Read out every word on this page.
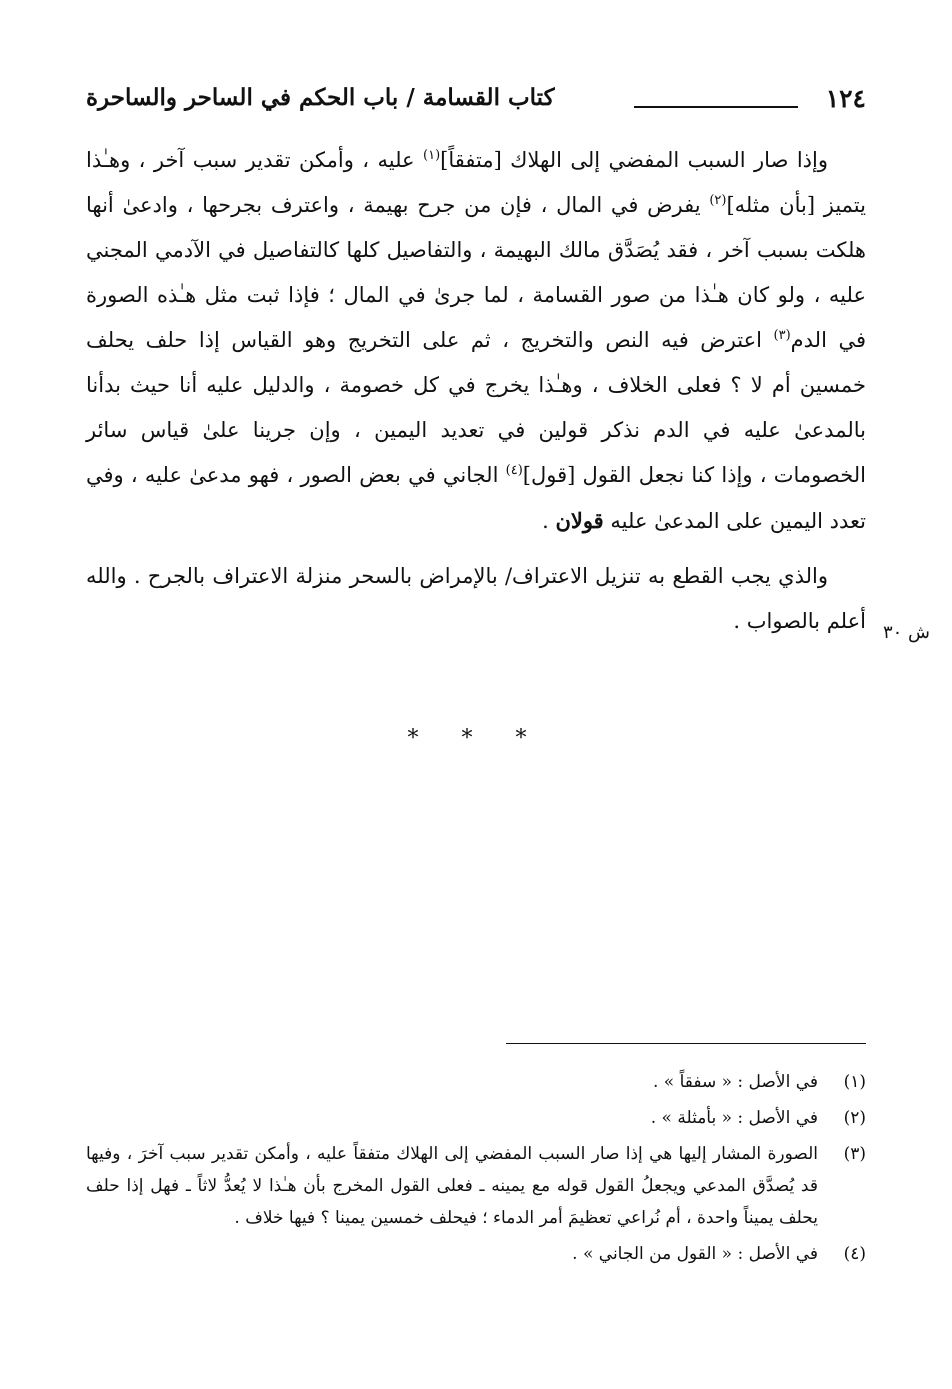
١٢٤
كتاب القسامة / باب الحكم في الساحر والساحرة

وإذا صار السبب المفضي إلى الهلاك [متفقاً]$^{(١)}$ عليه ، وأمكن تقدير سبب آخر ، وهـٰذا يتميز [بأن مثله]$^{(٢)}$ يفرض في المال ، فإن من جرح بهيمة ، واعترف بجرحها ، وادعىٰ أنها هلكت بسبب آخر ، فقد يُصَدَّق مالك البهيمة ، والتفاصيل كلها كالتفاصيل في الآدمي المجني عليه ، ولو كان هـٰذا من صور القسامة ، لما جرىٰ في المال ؛ فإذا ثبت مثل هـٰذه الصورة في الدم$^{(٣)}$ اعترض فيه النص والتخريج ، ثم على التخريج وهو القياس إذا حلف يحلف خمسين أم لا ؟ فعلى الخلاف ، وهـٰذا يخرج في كل خصومة ، والدليل عليه أنا حيث بدأنا بالمدعىٰ عليه في الدم نذكر قولين في تعديد اليمين ، وإن جرينا علىٰ قياس سائر الخصومات ، وإذا كنا نجعل القول [قول]$^{(٤)}$ الجاني في بعض الصور ، فهو مدعىٰ عليه ، وفي تعدد اليمين على المدعىٰ عليه قولان .

والذي يجب القطع به تنزيل الاعتراف/ بالإمراض بالسحر منزلة الاعتراف بالجرح . والله أعلم بالصواب . ش ٣٠
* * *
(١)
في الأصل : « سفقاً » .
(٢)
في الأصل : « بأمثلة » .
(٣)
الصورة المشار إليها هي إذا صار السبب المفضي إلى الهلاك متفقاً عليه ، وأمكن تقدير سبب آخرَ ، وفيها قد يُصدَّق المدعي ويجعلُ القول قوله مع يمينه ـ فعلى القول المخرج بأن هـٰذا لا يُعدُّ لاثاً ـ فهل إذا حلف يحلف يميناً واحدة ، أم نُراعي تعظيمَ أمر الدماء ؛ فيحلف خمسين يمينا ؟ فيها خلاف .
(٤)
في الأصل : « القول من الجاني » .
